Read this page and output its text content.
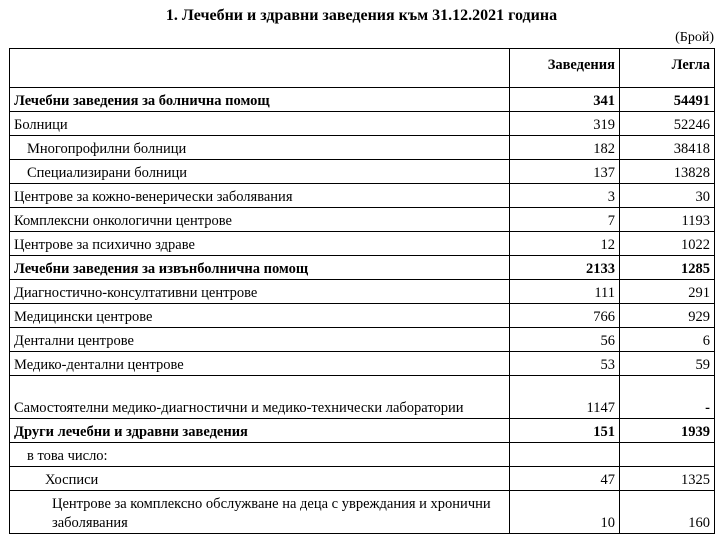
1. Лечебни и здравни заведения към 31.12.2021 година
(Брой)
	Заведения	Легла

Лечебни заведения за болнична помощ	341	54491
Болници	319	52246
Многопрофилни болници	182	38418
Специализирани болници	137	13828
Центрове за кожно-венерически заболявания	3	30
Комплексни онкологични центрове	7	1193
Центрове за психично здраве	12	1022
Лечебни заведения за извънболнична помощ	2133	1285
Диагностично-консултативни центрове	111	291
Медицински центрове	766	929
Дентални центрове	56	6
Медико-дентални центрове	53	59
Самостоятелни медико-диагностични и медико-технически лаборатории	1147	-
Други лечебни и здравни заведения	151	1939
в това число:		
Хосписи	47	1325
Центрове за комплексно обслужване на деца с увреждания и хронични заболявания	10	160
